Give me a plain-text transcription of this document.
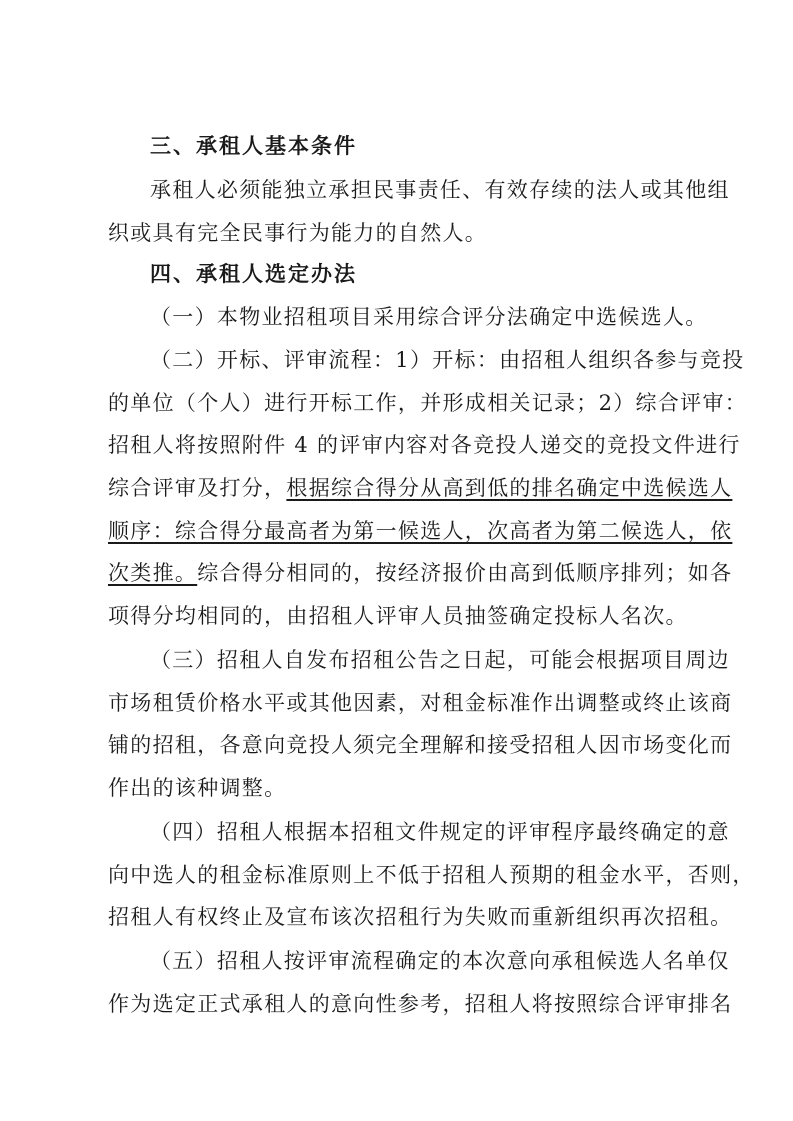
三、承租人基本条件
承租人必须能独立承担民事责任、有效存续的法人或其他组
织或具有完全民事行为能力的自然人。
四、承租人选定办法
（一）本物业招租项目采用综合评分法确定中选候选人。
（二）开标、评审流程：1）开标：由招租人组织各参与竞投
的单位（个人）进行开标工作，并形成相关记录；2）综合评审：
招租人将按照附件 4 的评审内容对各竞投人递交的竞投文件进行
综合评审及打分，根据综合得分从高到低的排名确定中选候选人
顺序：综合得分最高者为第一候选人，次高者为第二候选人，依
次类推。综合得分相同的，按经济报价由高到低顺序排列；如各
项得分均相同的，由招租人评审人员抽签确定投标人名次。
（三）招租人自发布招租公告之日起，可能会根据项目周边
市场租赁价格水平或其他因素，对租金标准作出调整或终止该商
铺的招租，各意向竞投人须完全理解和接受招租人因市场变化而
作出的该种调整。
（四）招租人根据本招租文件规定的评审程序最终确定的意
向中选人的租金标准原则上不低于招租人预期的租金水平，否则，
招租人有权终止及宣布该次招租行为失败而重新组织再次招租。
（五）招租人按评审流程确定的本次意向承租候选人名单仅
作为选定正式承租人的意向性参考，招租人将按照综合评审排名
